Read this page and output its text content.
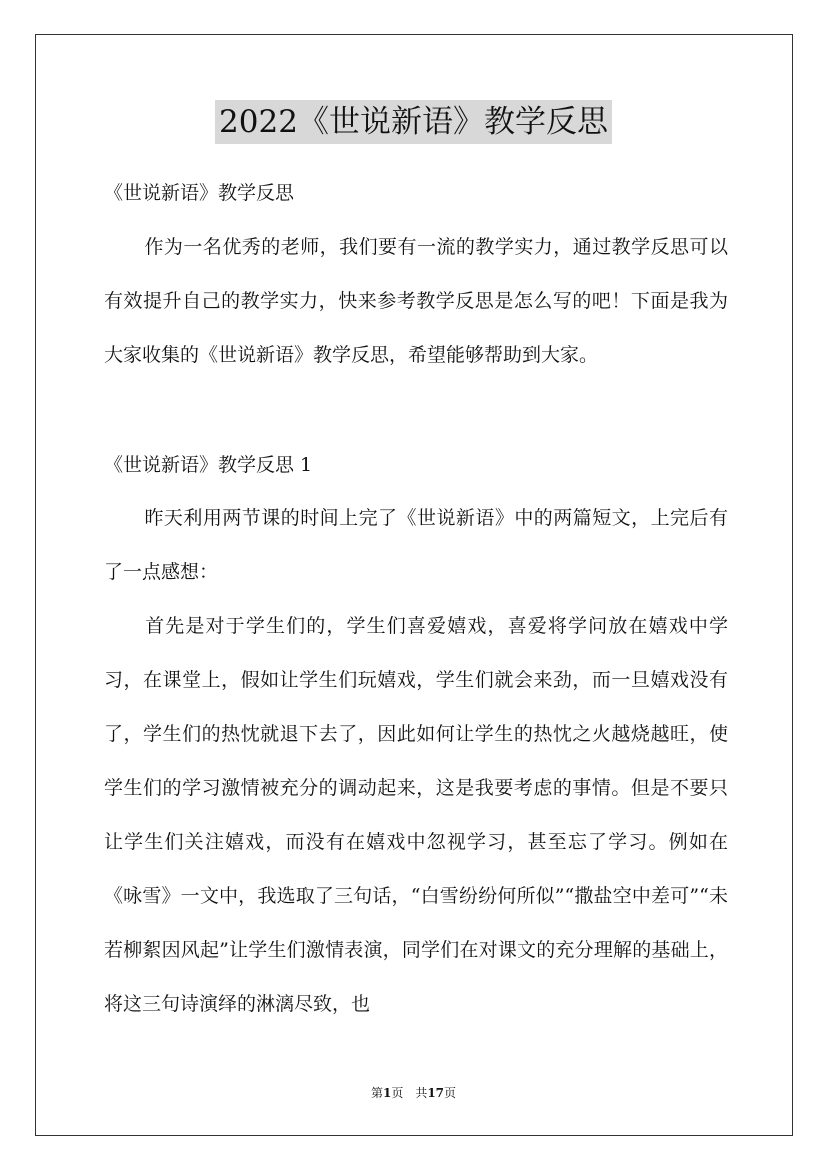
2022《世说新语》教学反思
《世说新语》教学反思

作为一名优秀的老师，我们要有一流的教学实力，通过教学反思可以有效提升自己的教学实力，快来参考教学反思是怎么写的吧！下面是我为大家收集的《世说新语》教学反思，希望能够帮助到大家。

《世说新语》教学反思 1

昨天利用两节课的时间上完了《世说新语》中的两篇短文，上完后有了一点感想：

首先是对于学生们的，学生们喜爱嬉戏，喜爱将学问放在嬉戏中学习，在课堂上，假如让学生们玩嬉戏，学生们就会来劲，而一旦嬉戏没有了，学生们的热忱就退下去了，因此如何让学生的热忱之火越烧越旺，使学生们的学习激情被充分的调动起来，这是我要考虑的事情。但是不要只让学生们关注嬉戏，而没有在嬉戏中忽视学习，甚至忘了学习。例如在《咏雪》一文中，我选取了三句话，“白雪纷纷何所似”“撒盐空中差可”“未若柳絮因风起”让学生们激情表演，同学们在对课文的充分理解的基础上，将这三句诗演绎的淋漓尽致，也

第1页　共17页
